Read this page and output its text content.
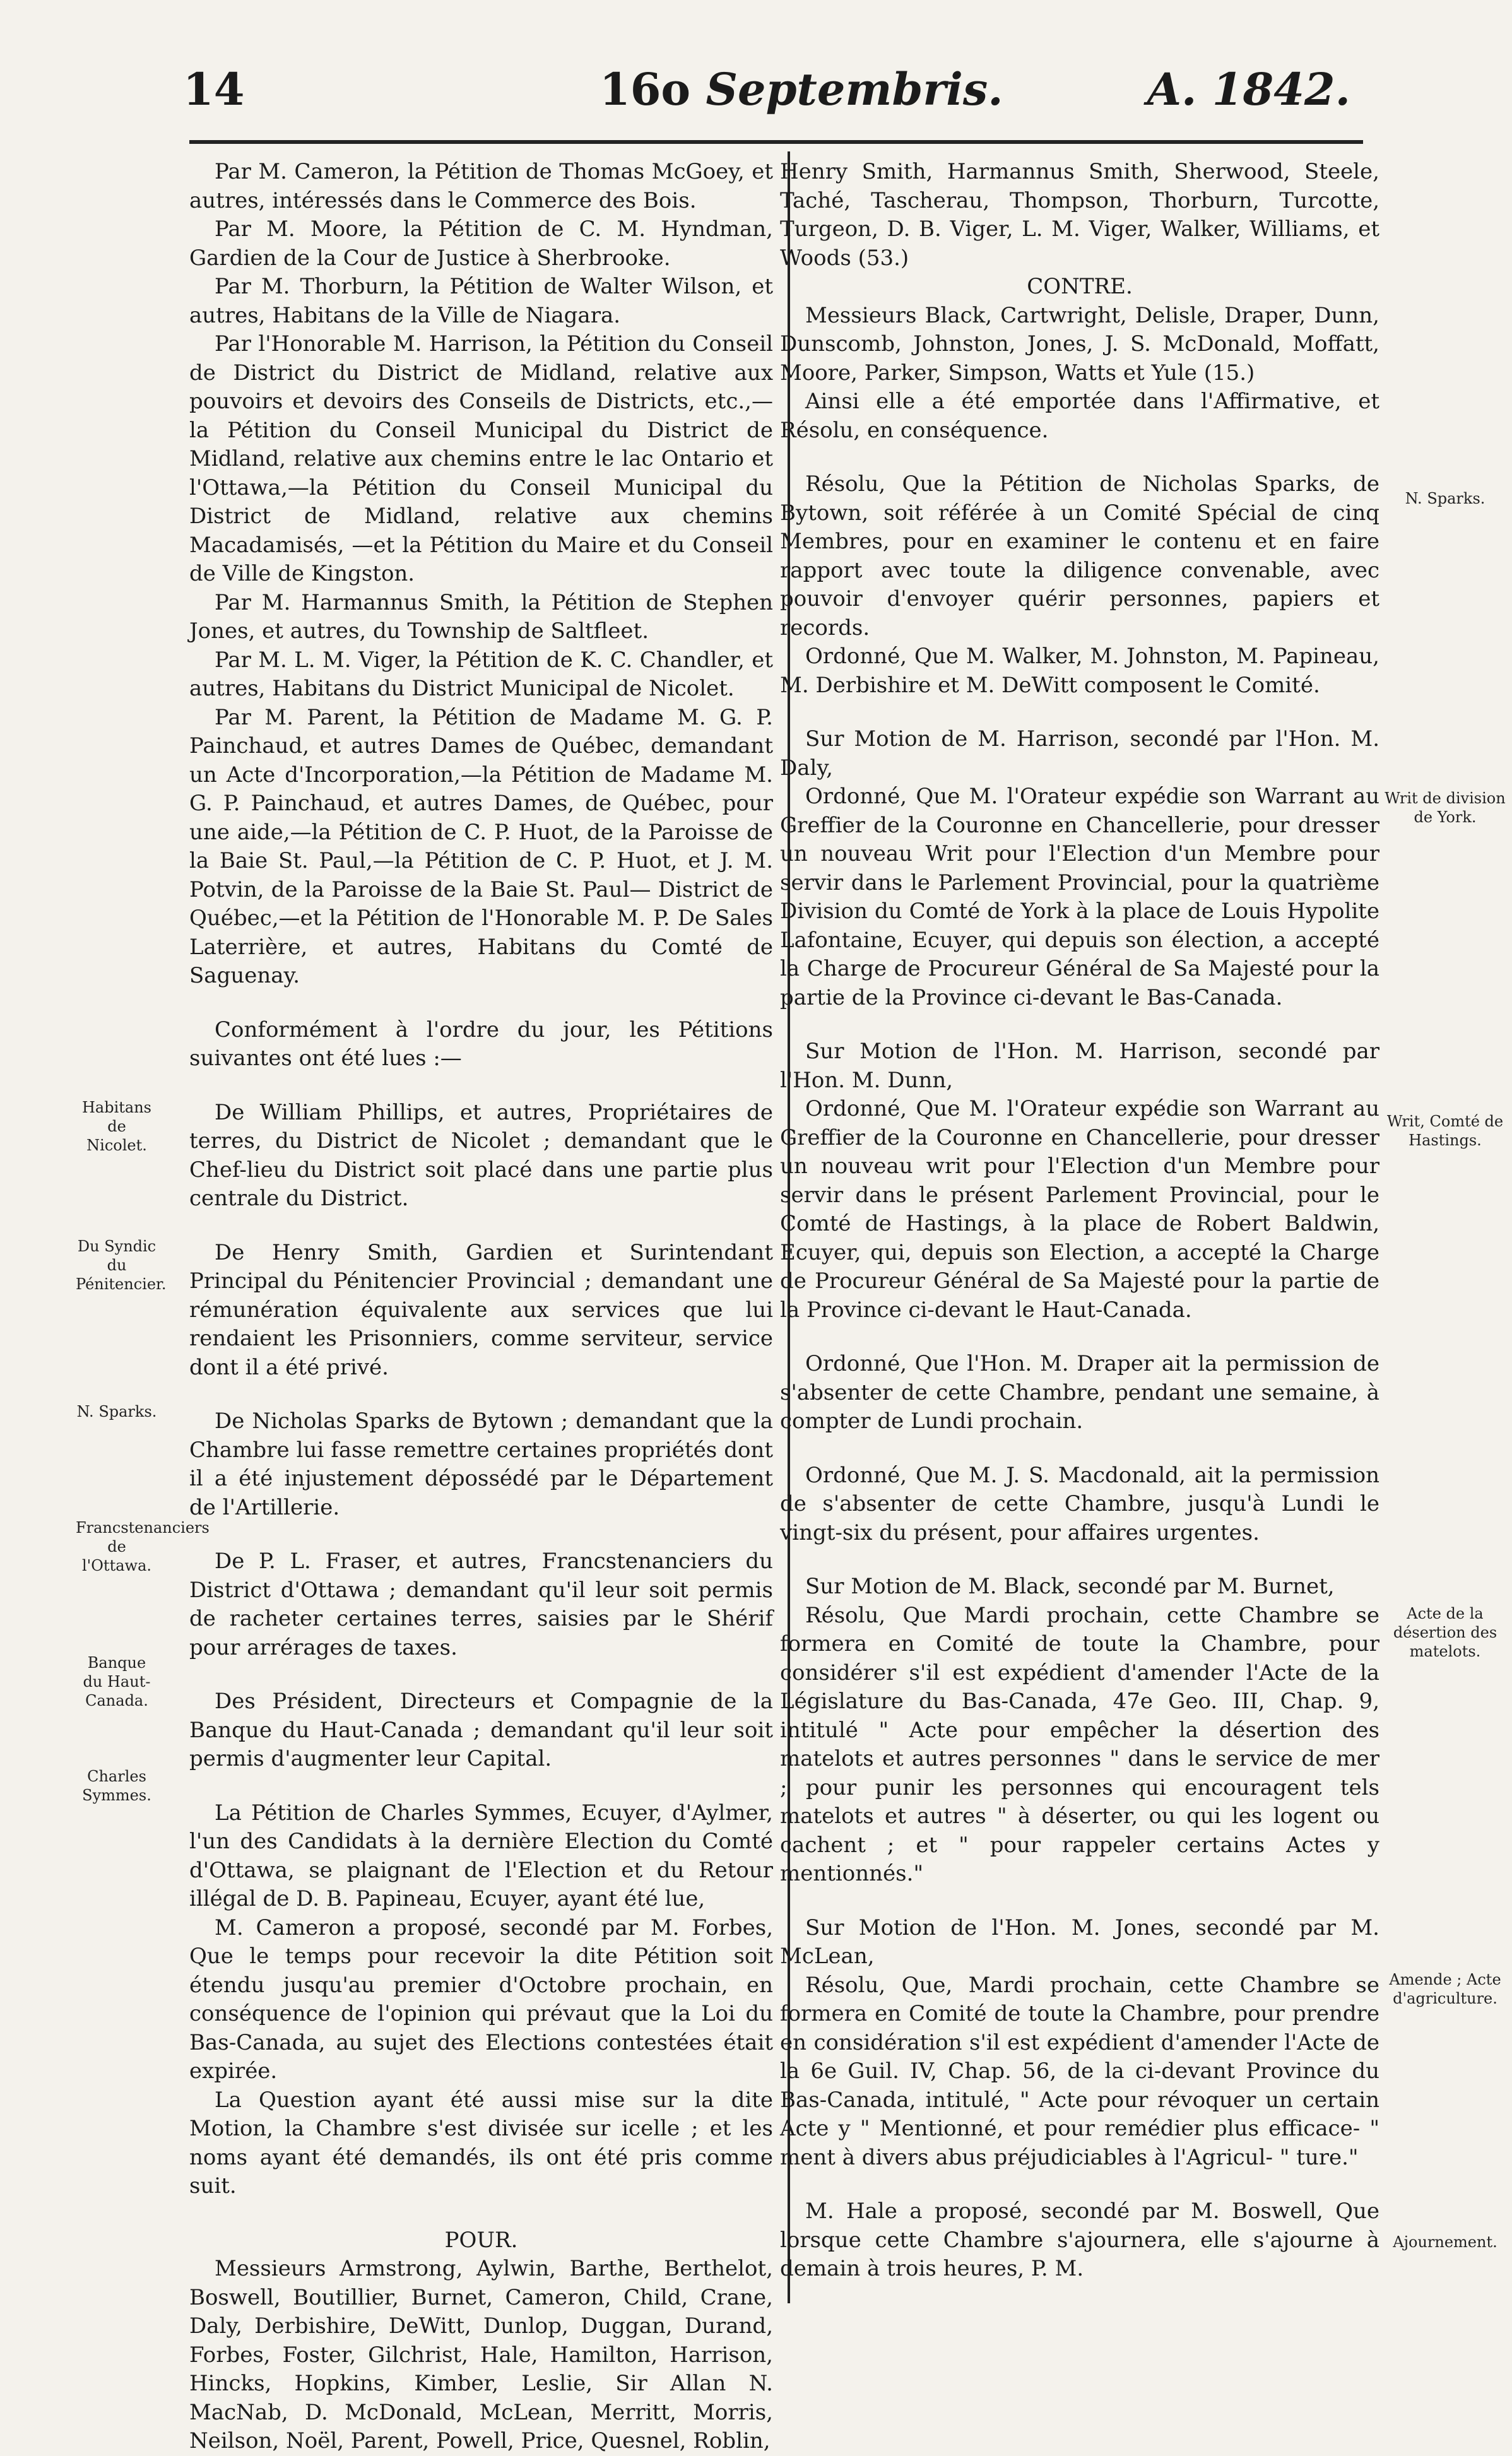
14	16o Septembris.	A. 1842.

Par M. Cameron, la Pétition de Thomas McGoey, et autres, intéressés dans le Commerce des Bois.

Par M. Moore, la Pétition de C. M. Hyndman, Gardien de la Cour de Justice à Sherbrooke.

Par M. Thorburn, la Pétition de Walter Wilson, et autres, Habitans de la Ville de Niagara.

Par l'Honorable M. Harrison, la Pétition du Conseil de District du District de Midland, relative aux pouvoirs et devoirs des Conseils de Districts, etc.,—la Pétition du Conseil Municipal du District de Midland, relative aux chemins entre le lac Ontario et l'Ottawa,—la Pétition du Conseil Municipal du District de Midland, relative aux chemins Macadamisés, —et la Pétition du Maire et du Conseil de Ville de Kingston.

Par M. Harmannus Smith, la Pétition de Stephen Jones, et autres, du Township de Saltfleet.

Par M. L. M. Viger, la Pétition de K. C. Chandler, et autres, Habitans du District Municipal de Nicolet.

Par M. Parent, la Pétition de Madame M. G. P. Painchaud, et autres Dames de Québec, demandant un Acte d'Incorporation,—la Pétition de Madame M. G. P. Painchaud, et autres Dames, de Québec, pour une aide,—la Pétition de C. P. Huot, de la Paroisse de la Baie St. Paul,—la Pétition de C. P. Huot, et J. M. Potvin, de la Paroisse de la Baie St. Paul— District de Québec,—et la Pétition de l'Honorable M. P. De Sales Laterrière, et autres, Habitans du Comté de Saguenay.

Conformément à l'ordre du jour, les Pétitions suivantes ont été lues :—

De William Phillips, et autres, Propriétaires de terres, du District de Nicolet ; demandant que le Chef-lieu du District soit placé dans une partie plus centrale du District.

De Henry Smith, Gardien et Surintendant Principal du Pénitencier Provincial ; demandant une rémunération équivalente aux services que lui rendaient les Prisonniers, comme serviteur, service dont il a été privé.

De Nicholas Sparks de Bytown ; demandant que la Chambre lui fasse remettre certaines propriétés dont il a été injustement dépossédé par le Département de l'Artillerie.

De P. L. Fraser, et autres, Francstenanciers du District d'Ottawa ; demandant qu'il leur soit permis de racheter certaines terres, saisies par le Shérif pour arrérages de taxes.

Des Président, Directeurs et Compagnie de la Banque du Haut-Canada ; demandant qu'il leur soit permis d'augmenter leur Capital.

La Pétition de Charles Symmes, Ecuyer, d'Aylmer, l'un des Candidats à la dernière Election du Comté d'Ottawa, se plaignant de l'Election et du Retour illégal de D. B. Papineau, Ecuyer, ayant été lue,

M. Cameron a proposé, secondé par M. Forbes, Que le temps pour recevoir la dite Pétition soit étendu jusqu'au premier d'Octobre prochain, en conséquence de l'opinion qui prévaut que la Loi du Bas-Canada, au sujet des Elections contestées était expirée.

La Question ayant été aussi mise sur la dite Motion, la Chambre s'est divisée sur icelle ; et les noms ayant été demandés, ils ont été pris comme suit.

POUR.

Messieurs Armstrong, Aylwin, Barthe, Berthelot, Boswell, Boutillier, Burnet, Cameron, Child, Crane, Daly, Derbishire, DeWitt, Dunlop, Duggan, Durand, Forbes, Foster, Gilchrist, Hale, Hamilton, Harrison, Hincks, Hopkins, Kimber, Leslie, Sir Allan N. MacNab, D. McDonald, McLean, Merritt, Morris, Neilson, Noël, Parent, Powell, Price, Quesnel, Roblin,

Henry Smith, Harmannus Smith, Sherwood, Steele, Taché, Tascherau, Thompson, Thorburn, Turcotte, Turgeon, D. B. Viger, L. M. Viger, Walker, Williams, et Woods (53.)

CONTRE.

Messieurs Black, Cartwright, Delisle, Draper, Dunn, Dunscomb, Johnston, Jones, J. S. McDonald, Moffatt, Moore, Parker, Simpson, Watts et Yule (15.)

Ainsi elle a été emportée dans l'Affirmative, et Résolu, en conséquence.

Résolu, Que la Pétition de Nicholas Sparks, de Bytown, soit référée à un Comité Spécial de cinq Membres, pour en examiner le contenu et en faire rapport avec toute la diligence convenable, avec pouvoir d'envoyer quérir personnes, papiers et records.

Ordonné, Que M. Walker, M. Johnston, M. Papineau, M. Derbishire et M. DeWitt composent le Comité.

Sur Motion de M. Harrison, secondé par l'Hon. M. Daly,

Ordonné, Que M. l'Orateur expédie son Warrant au Greffier de la Couronne en Chancellerie, pour dresser un nouveau Writ pour l'Election d'un Membre pour servir dans le Parlement Provincial, pour la quatrième Division du Comté de York à la place de Louis Hypolite Lafontaine, Ecuyer, qui depuis son élection, a accepté la Charge de Procureur Général de Sa Majesté pour la partie de la Province ci-devant le Bas-Canada.

Sur Motion de l'Hon. M. Harrison, secondé par l'Hon. M. Dunn,

Ordonné, Que M. l'Orateur expédie son Warrant au Greffier de la Couronne en Chancellerie, pour dresser un nouveau writ pour l'Election d'un Membre pour servir dans le présent Parlement Provincial, pour le Comté de Hastings, à la place de Robert Baldwin, Ecuyer, qui, depuis son Election, a accepté la Charge de Procureur Général de Sa Majesté pour la partie de la Province ci-devant le Haut-Canada.

Ordonné, Que l'Hon. M. Draper ait la permission de s'absenter de cette Chambre, pendant une semaine, à compter de Lundi prochain.

Ordonné, Que M. J. S. Macdonald, ait la permission de s'absenter de cette Chambre, jusqu'à Lundi le vingt-six du présent, pour affaires urgentes.

Sur Motion de M. Black, secondé par M. Burnet,

Résolu, Que Mardi prochain, cette Chambre se formera en Comité de toute la Chambre, pour considérer s'il est expédient d'amender l'Acte de la Législature du Bas-Canada, 47e Geo. III, Chap. 9, intitulé " Acte pour empêcher la désertion des matelots et autres personnes " dans le service de mer ; pour punir les personnes qui encouragent tels matelots et autres " à déserter, ou qui les logent ou cachent ; et " pour rappeler certains Actes y mentionnés."

Sur Motion de l'Hon. M. Jones, secondé par M. McLean,

Résolu, Que, Mardi prochain, cette Chambre se formera en Comité de toute la Chambre, pour prendre en considération s'il est expédient d'amender l'Acte de la 6e Guil. IV, Chap. 56, de la ci-devant Province du Bas-Canada, intitulé, " Acte pour révoquer un certain Acte y " Mentionné, et pour remédier plus efficace- " ment à divers abus préjudiciables à l'Agricul- " ture."

M. Hale a proposé, secondé par M. Boswell, Que lorsque cette Chambre s'ajournera, elle s'ajourne à demain à trois heures, P. M.

Habitans de Nicolet.
Du Syndic du Pénitencier.
N. Sparks.
Francstenanciers de l'Ottawa.
Banque du Haut-Canada.
Charles Symmes.
N. Sparks.
Writ de division de York.
Writ, Comté de Hastings.
Acte de la désertion des matelots.
Amende ; Acte d'agriculture.
Ajournement.
